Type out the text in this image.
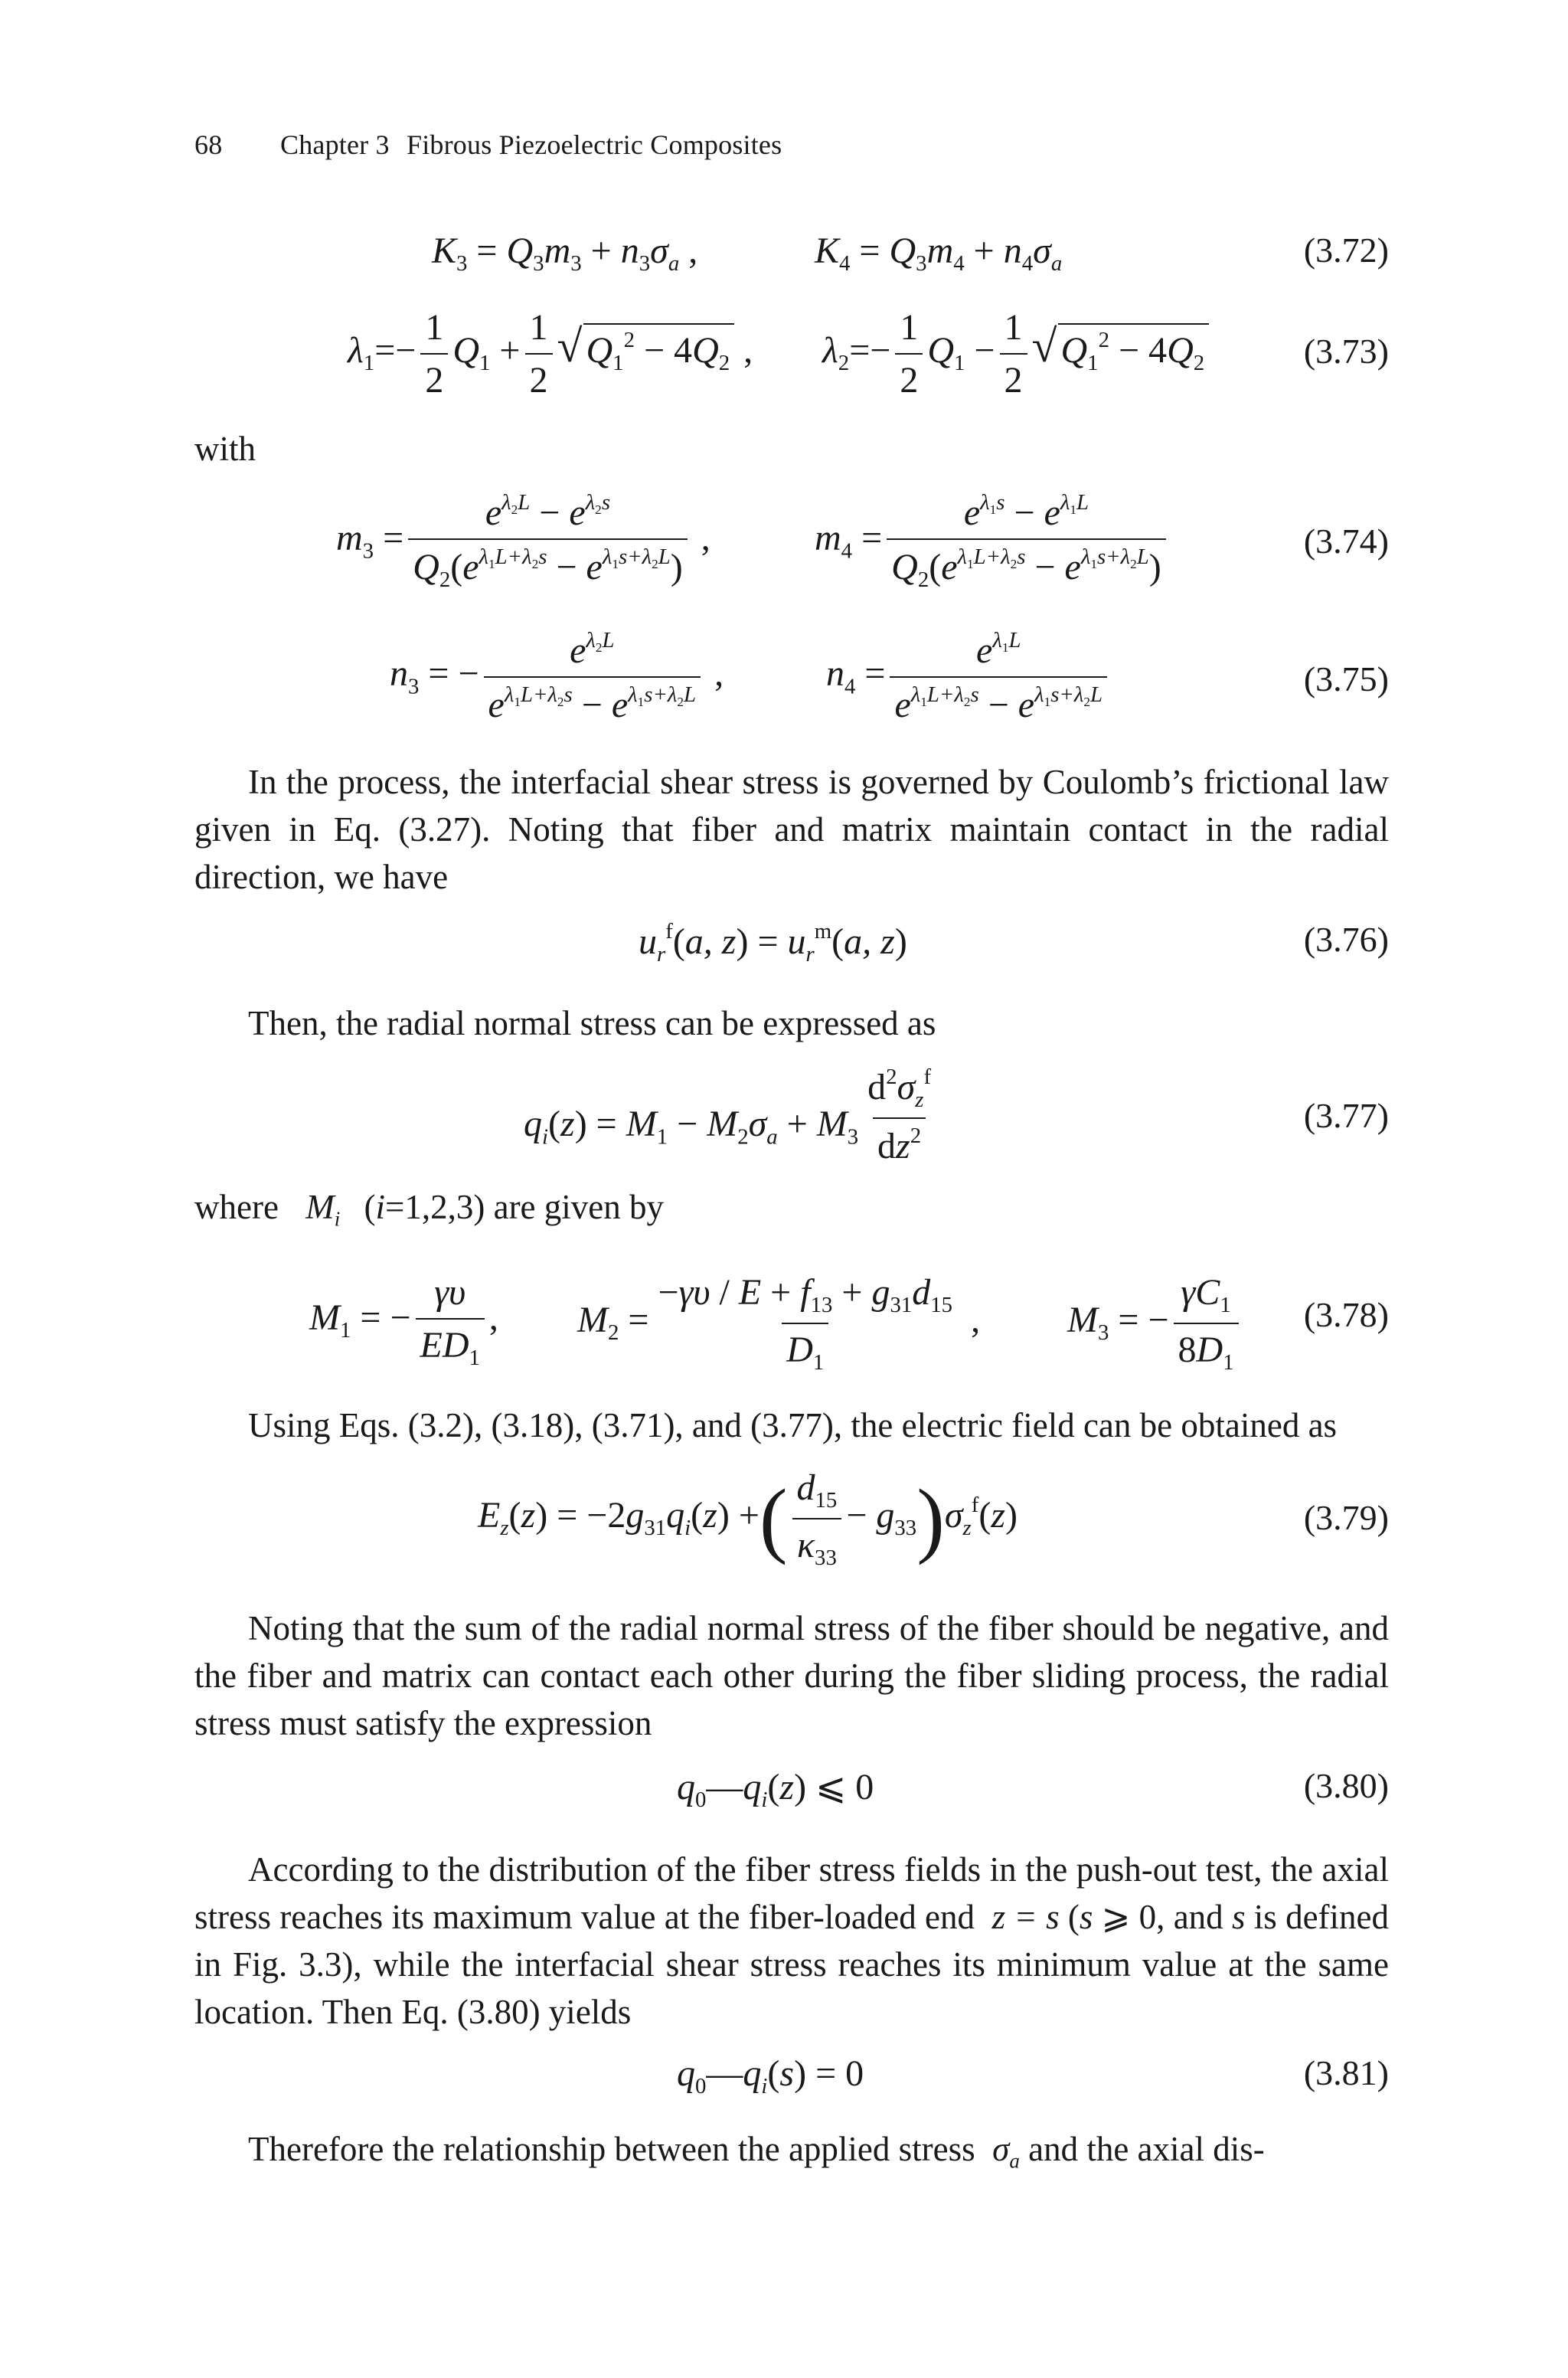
68 Chapter 3 Fibrous Piezoelectric Composites
$K_3 = Q_3m_3 + n_3\sigma_a$ ,	$K_4 = Q_3m_4 + n_4\sigma_a$	(3.72)
$\lambda_1=- \frac{1}{2} Q_1 + \frac{1}{2}$ √ $Q_1^2 - 4Q_2$ , $\lambda_2=- \frac{1}{2} Q_1 - \frac{1}{2}$ √ $Q_1^2 - 4Q_2$	(3.73)
with
$m_3 = \frac{e^{\lambda_2L} - e^{\lambda_2s}}{Q_2(e^{\lambda_1L+\lambda_2s} - e^{\lambda_1s+\lambda_2L})}$ ,	$m_4 = \frac{e^{\lambda_1s} - e^{\lambda_1L}}{Q_2(e^{\lambda_1L+\lambda_2s} - e^{\lambda_1s+\lambda_2L})}$	(3.74)
$n_3$ = − $\frac{e^{\lambda_2L}}{e^{\lambda_1L+\lambda_2s} - e^{\lambda_1s+\lambda_2L}}$ ,	$n_4 = \frac{e^{\lambda_1L}}{e^{\lambda_1L+\lambda_2s} - e^{\lambda_1s+\lambda_2L}}$	(3.75)
In the process, the interfacial shear stress is governed by Coulomb’s frictional law given in Eq. (3.27). Noting that fiber and matrix maintain contact in the radial direction, we have
$u_r^f(a$, $z) = u_r^m(a$, z)	(3.76)
Then, the radial normal stress can be expressed as
$q_i(z) = M_1 - M_2\sigma_a + M_3 \frac{d^2\sigma_z^f}{dz^2}$	(3.77)
where $M_i$ (i=1,2,3) are given by
$M_1$ = − $\frac{\gamma\upsilon}{ED_1}$ , $M_2 = \frac{-\gamma\upsilon / E + f_{13} + g_{31}d_{15}}{D_1}$ , $M_3$ = − $\frac{\gamma C_1}{8D_1} (3.78)$
Using Eqs. (3.2), (3.18), (3.71), and (3.77), the electric field can be obtained as
$E_z(z) = -2g_{31}q_i(z)$ +( $\frac{d_{15}}{\kappa_{33}} - g_{33})\sigma_z^f(z)$	(3.79)
Noting that the sum of the radial normal stress of the fiber should be negative, and the fiber and matrix can contact each other during the fiber sliding process, the radial stress must satisfy the expression
$q_0—q_i(z)$ ⩽ 0	(3.80)
According to the distribution of the fiber stress fields in the push-out test, the axial stress reaches its maximum value at the fiber-loaded end  z = s (s ⩾ 0, and s is defined in Fig. 3.3), while the interfacial shear stress reaches its minimum value at the same location. Then Eq. (3.80) yields
$q_0—q_i(s) = 0$	(3.81)
Therefore the relationship between the applied stress  $\sigma_a$ and the axial dis-
